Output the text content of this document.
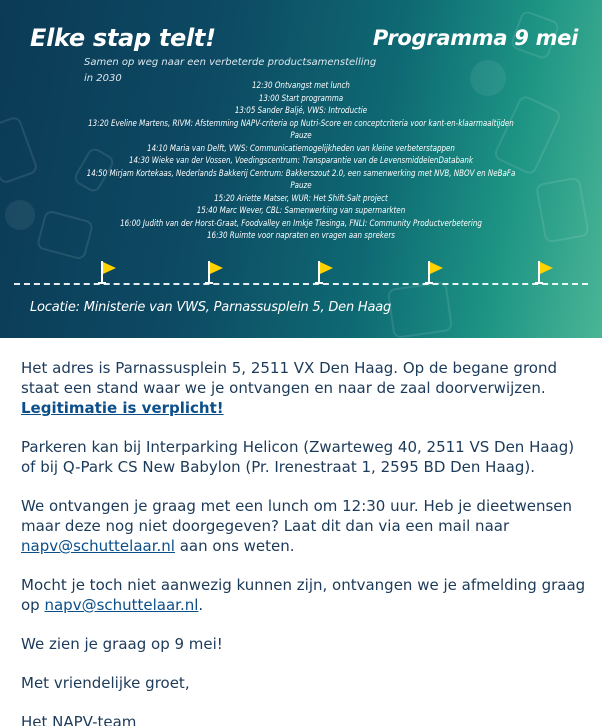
Elke stap telt!
Samen op weg naar een verbeterde productsamenstelling in 2030
Programma 9 mei
12:30 Ontvangst met lunch
13:00 Start programma
13:05 Sander Baljé, VWS: Introductie
13:20 Eveline Martens, RIVM: Afstemming NAPV-criteria op Nutri-Score en conceptcriteria voor kant-en-klaarmaaltijden
Pauze
14:10 Maria van Delft, VWS: Communicatiemogelijkheden van kleine verbeterstappen
14:30 Wieke van der Vossen, Voedingscentrum: Transparantie van de LevensmiddelenDatabank
14:50 Mirjam Kortekaas, Nederlands Bakkerij Centrum: Bakkerszout 2.0, een samenwerking met NVB, NBOV en NeBaFa
Pauze
15:20 Ariette Matser, WUR: Het Shift-Salt project
15:40 Marc Wever, CBL: Samenwerking van supermarkten
16:00 Judith van der Horst-Graat, Foodvalley en Imkje Tiesinga, FNLI: Community Productverbetering
16:30 Ruimte voor napraten en vragen aan sprekers
Locatie: Ministerie van VWS, Parnassusplein 5, Den Haag

Het adres is Parnassusplein 5, 2511 VX Den Haag. Op de begane grond staat een stand waar we je ontvangen en naar de zaal doorverwijzen. Legitimatie is verplicht!

Parkeren kan bij Interparking Helicon (Zwarteweg 40, 2511 VS Den Haag) of bij Q-Park CS New Babylon (Pr. Irenestraat 1, 2595 BD Den Haag).

We ontvangen je graag met een lunch om 12:30 uur. Heb je dieetwensen maar deze nog niet doorgegeven? Laat dit dan via een mail naar napv@schuttelaar.nl aan ons weten.

Mocht je toch niet aanwezig kunnen zijn, ontvangen we je afmelding graag op napv@schuttelaar.nl.

We zien je graag op 9 mei!

Met vriendelijke groet,

Het NAPV-team
